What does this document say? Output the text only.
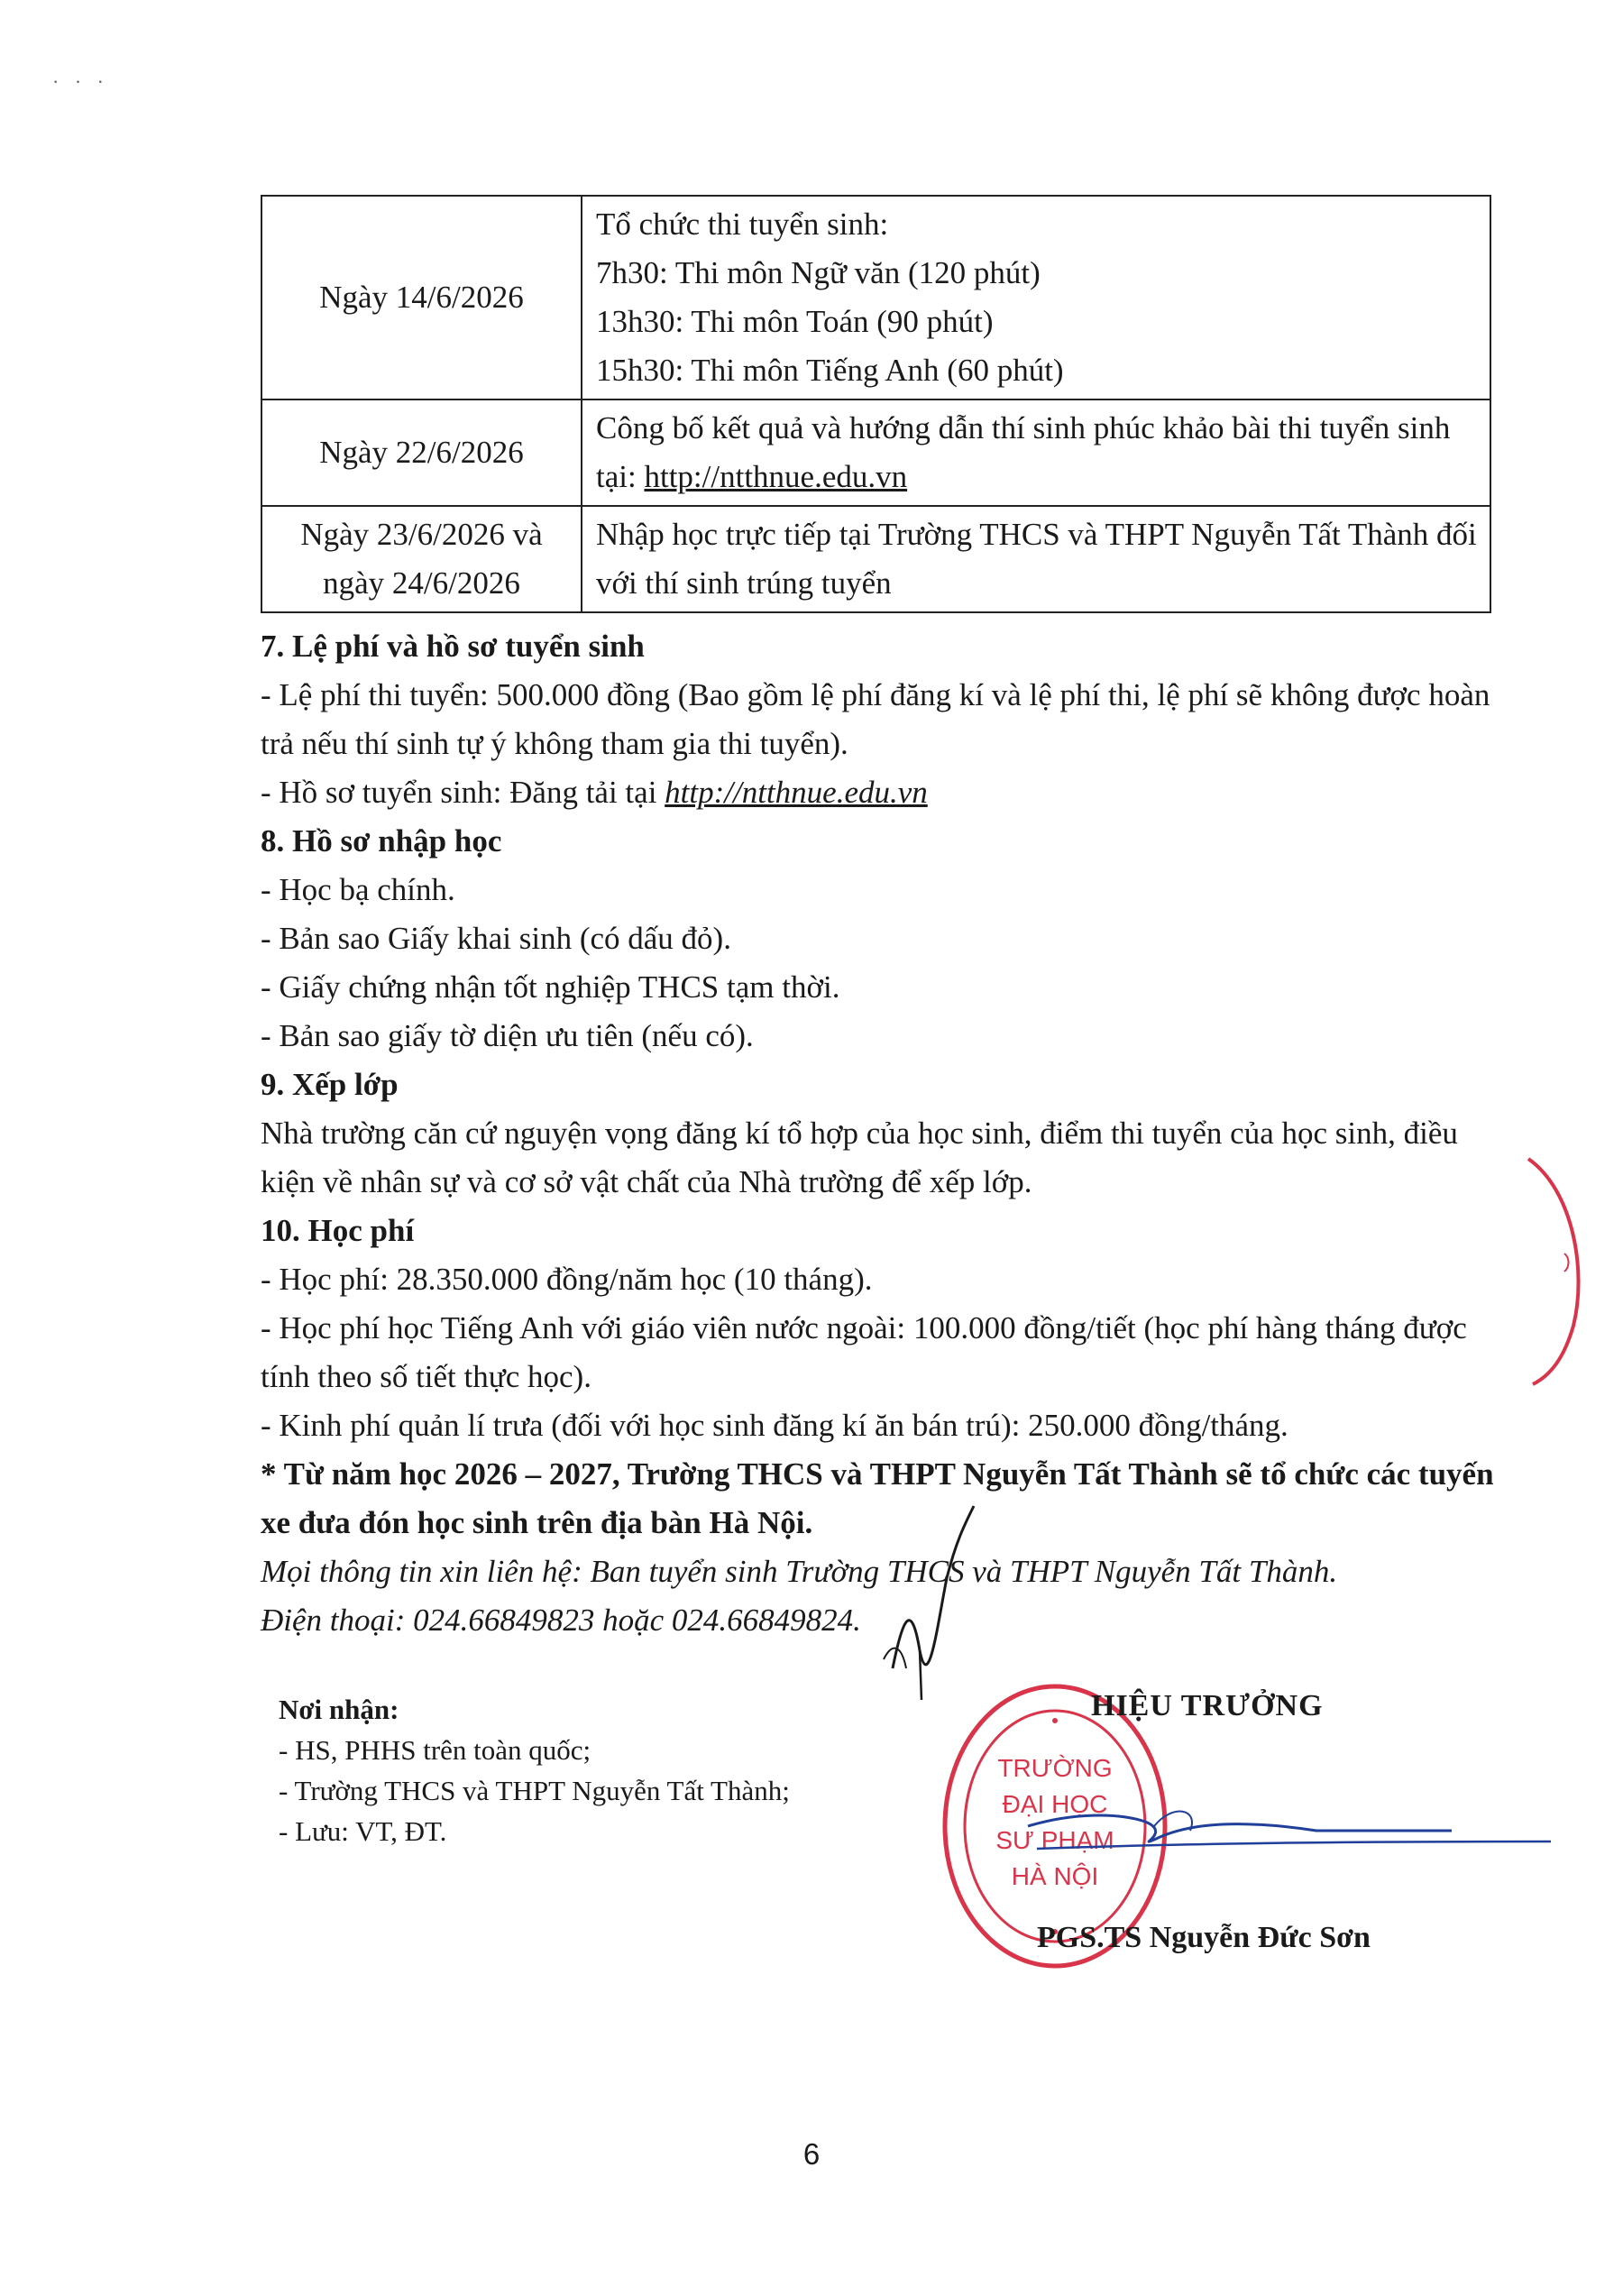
· · ·
Ngày 14/6/2026	Tổ chức thi tuyển sinh:
7h30: Thi môn Ngữ văn (120 phút)
13h30: Thi môn Toán (90 phút)
15h30: Thi môn Tiếng Anh (60 phút)

Ngày 22/6/2026	Công bố kết quả và hướng dẫn thí sinh phúc khảo bài thi tuyển sinh tại: http://ntthnue.edu.vn

Ngày 23/6/2026 và
ngày 24/6/2026	Nhập học trực tiếp tại Trường THCS và THPT Nguyễn Tất Thành đối với thí sinh trúng tuyển

7. Lệ phí và hồ sơ tuyển sinh

- Lệ phí thi tuyển: 500.000 đồng (Bao gồm lệ phí đăng kí và lệ phí thi, lệ phí sẽ không được hoàn trả nếu thí sinh tự ý không tham gia thi tuyển).

- Hồ sơ tuyển sinh: Đăng tải tại http://ntthnue.edu.vn

8. Hồ sơ nhập học

- Học bạ chính.

- Bản sao Giấy khai sinh (có dấu đỏ).

- Giấy chứng nhận tốt nghiệp THCS tạm thời.

- Bản sao giấy tờ diện ưu tiên (nếu có).

9. Xếp lớp

Nhà trường căn cứ nguyện vọng đăng kí tổ hợp của học sinh, điểm thi tuyển của học sinh, điều kiện về nhân sự và cơ sở vật chất của Nhà trường để xếp lớp.

10. Học phí

- Học phí: 28.350.000 đồng/năm học (10 tháng).

- Học phí học Tiếng Anh với giáo viên nước ngoài: 100.000 đồng/tiết (học phí hàng tháng được tính theo số tiết thực học).

- Kinh phí quản lí trưa (đối với học sinh đăng kí ăn bán trú): 250.000 đồng/tháng.

* Từ năm học 2026 – 2027, Trường THCS và THPT Nguyễn Tất Thành sẽ tổ chức các tuyến xe đưa đón học sinh trên địa bàn Hà Nội.

Mọi thông tin xin liên hệ: Ban tuyển sinh Trường THCS và THPT Nguyễn Tất Thành.

Điện thoại: 024.66849823 hoặc 024.66849824.

Nơi nhận:
- HS, PHHS trên toàn quốc;
- Trường THCS và THPT Nguyễn Tất Thành;
- Lưu: VT, ĐT.
TRƯỜNG
ĐẠI HỌC
SƯ PHẠM
HÀ NỘI
HIỆU TRƯỞNG
PGS.TS Nguyễn Đức Sơn
6
